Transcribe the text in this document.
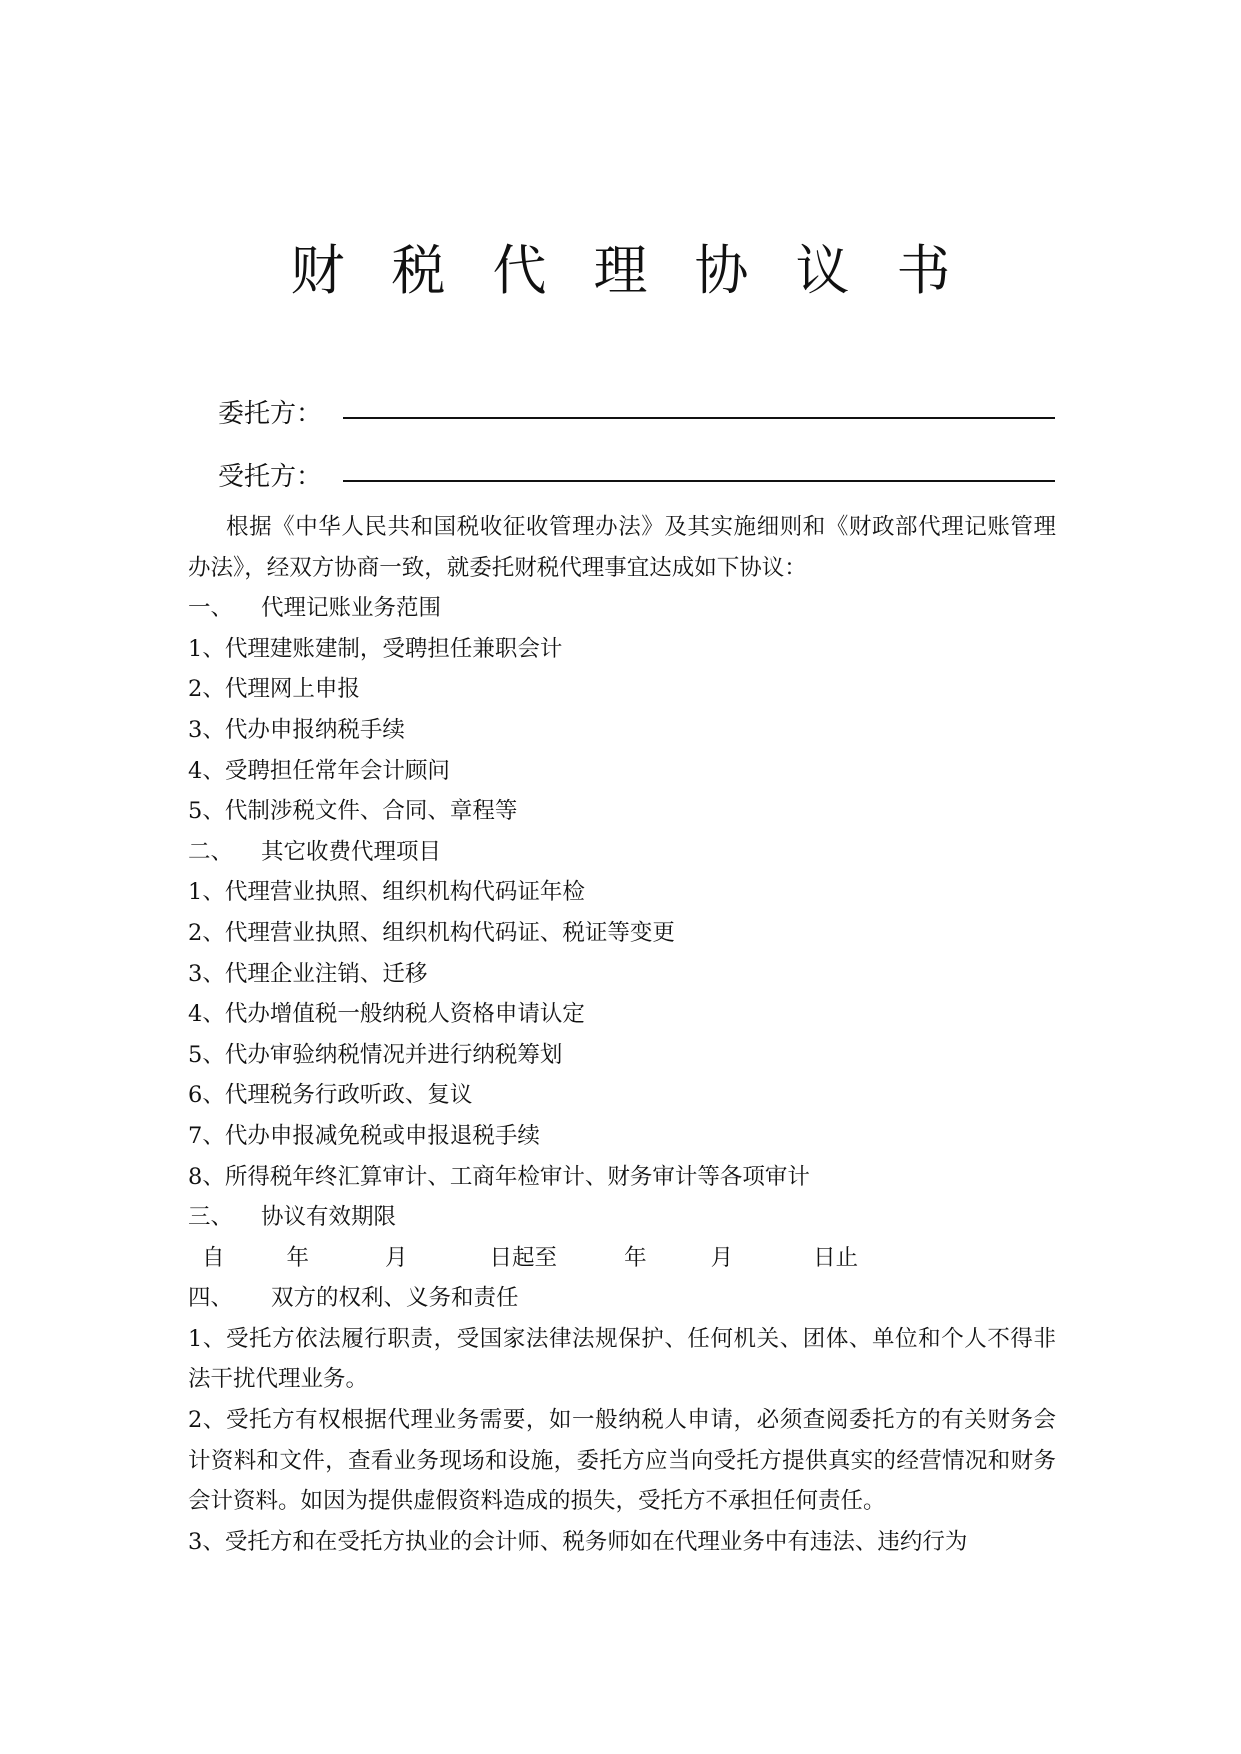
财税代理协议书
委托方：
受托方：

根据《中华人民共和国税收征收管理办法》及其实施细则和《财政部代理记账管理办法》，经双方协商一致，就委托财税代理事宜达成如下协议：

一、 代理记账业务范围

1、代理建账建制，受聘担任兼职会计

2、代理网上申报

3、代办申报纳税手续

4、受聘担任常年会计顾问

5、代制涉税文件、合同、章程等

二、 其它收费代理项目

1、代理营业执照、组织机构代码证年检

2、代理营业执照、组织机构代码证、税证等变更

3、代理企业注销、迁移

4、代办增值税一般纳税人资格申请认定

5、代办审验纳税情况并进行纳税筹划

6、代理税务行政听政、复议

7、代办申报减免税或申报退税手续

8、所得税年终汇算审计、工商年检审计、财务审计等各项审计

三、 协议有效期限

自	年	月	日起至	年	月	日止

四、 双方的权利、义务和责任

1、受托方依法履行职责，受国家法律法规保护、任何机关、团体、单位和个人不得非法干扰代理业务。

2、受托方有权根据代理业务需要，如一般纳税人申请，必须查阅委托方的有关财务会计资料和文件，查看业务现场和设施，委托方应当向受托方提供真实的经营情况和财务会计资料。如因为提供虚假资料造成的损失，受托方不承担任何责任。

3、受托方和在受托方执业的会计师、税务师如在代理业务中有违法、违约行为
